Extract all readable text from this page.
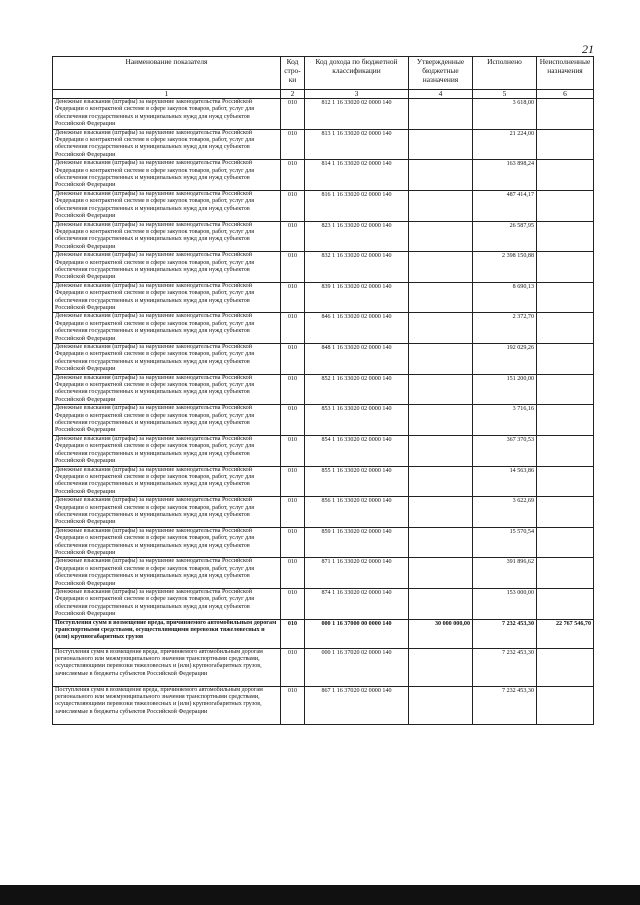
21
Наименование показателя	Код стро-ки	Код дохода по бюджетной классификации	Утвержденные бюджетные назначения	Исполнено	Неисполненные назначения
1	2	3	4	5	6
Денежные взыскания (штрафы) за нарушение законодательства Российской Федерации о контрактной системе в сфере закупок товаров, работ, услуг для обеспечения государственных и муниципальных нужд для нужд субъектов Российской Федерации	010	812 1 16 33020 02 0000 140		3 618,00	
Денежные взыскания (штрафы) за нарушение законодательства Российской Федерации о контрактной системе в сфере закупок товаров, работ, услуг для обеспечения государственных и муниципальных нужд для нужд субъектов Российской Федерации	010	813 1 16 33020 02 0000 140		21 224,00	
Денежные взыскания (штрафы) за нарушение законодательства Российской Федерации о контрактной системе в сфере закупок товаров, работ, услуг для обеспечения государственных и муниципальных нужд для нужд субъектов Российской Федерации	010	814 1 16 33020 02 0000 140		163 898,24	
Денежные взыскания (штрафы) за нарушение законодательства Российской Федерации о контрактной системе в сфере закупок товаров, работ, услуг для обеспечения государственных и муниципальных нужд для нужд субъектов Российской Федерации	010	816 1 16 33020 02 0000 140		487 414,17	
Денежные взыскания (штрафы) за нарушение законодательства Российской Федерации о контрактной системе в сфере закупок товаров, работ, услуг для обеспечения государственных и муниципальных нужд для нужд субъектов Российской Федерации	010	823 1 16 33020 02 0000 140		26 587,95	
Денежные взыскания (штрафы) за нарушение законодательства Российской Федерации о контрактной системе в сфере закупок товаров, работ, услуг для обеспечения государственных и муниципальных нужд для нужд субъектов Российской Федерации	010	832 1 16 33020 02 0000 140		2 398 150,88	
Денежные взыскания (штрафы) за нарушение законодательства Российской Федерации о контрактной системе в сфере закупок товаров, работ, услуг для обеспечения государственных и муниципальных нужд для нужд субъектов Российской Федерации	010	839 1 16 33020 02 0000 140		8 690,13	
Денежные взыскания (штрафы) за нарушение законодательства Российской Федерации о контрактной системе в сфере закупок товаров, работ, услуг для обеспечения государственных и муниципальных нужд для нужд субъектов Российской Федерации	010	846 1 16 33020 02 0000 140		2 372,70	
Денежные взыскания (штрафы) за нарушение законодательства Российской Федерации о контрактной системе в сфере закупок товаров, работ, услуг для обеспечения государственных и муниципальных нужд для нужд субъектов Российской Федерации	010	848 1 16 33020 02 0000 140		192 029,26	
Денежные взыскания (штрафы) за нарушение законодательства Российской Федерации о контрактной системе в сфере закупок товаров, работ, услуг для обеспечения государственных и муниципальных нужд для нужд субъектов Российской Федерации	010	852 1 16 33020 02 0000 140		151 200,00	
Денежные взыскания (штрафы) за нарушение законодательства Российской Федерации о контрактной системе в сфере закупок товаров, работ, услуг для обеспечения государственных и муниципальных нужд для нужд субъектов Российской Федерации	010	853 1 16 33020 02 0000 140		3 716,16	
Денежные взыскания (штрафы) за нарушение законодательства Российской Федерации о контрактной системе в сфере закупок товаров, работ, услуг для обеспечения государственных и муниципальных нужд для нужд субъектов Российской Федерации	010	854 1 16 33020 02 0000 140		367 370,53	
Денежные взыскания (штрафы) за нарушение законодательства Российской Федерации о контрактной системе в сфере закупок товаров, работ, услуг для обеспечения государственных и муниципальных нужд для нужд субъектов Российской Федерации	010	855 1 16 33020 02 0000 140		14 563,86	
Денежные взыскания (штрафы) за нарушение законодательства Российской Федерации о контрактной системе в сфере закупок товаров, работ, услуг для обеспечения государственных и муниципальных нужд для нужд субъектов Российской Федерации	010	856 1 16 33020 02 0000 140		3 622,69	
Денежные взыскания (штрафы) за нарушение законодательства Российской Федерации о контрактной системе в сфере закупок товаров, работ, услуг для обеспечения государственных и муниципальных нужд для нужд субъектов Российской Федерации	010	859 1 16 33020 02 0000 140		15 570,54	
Денежные взыскания (штрафы) за нарушение законодательства Российской Федерации о контрактной системе в сфере закупок товаров, работ, услуг для обеспечения государственных и муниципальных нужд для нужд субъектов Российской Федерации	010	871 1 16 33020 02 0000 140		391 896,62	
Денежные взыскания (штрафы) за нарушение законодательства Российской Федерации о контрактной системе в сфере закупок товаров, работ, услуг для обеспечения государственных и муниципальных нужд для нужд субъектов Российской Федерации	010	874 1 16 33020 02 0000 140		153 000,00	
Поступления сумм в возмещение вреда, причиняемого автомобильным дорогам транспортными средствами, осуществляющими перевозки тяжеловесных и (или) крупногабаритных грузов	010	000 1 16 37000 00 0000 140	30 000 000,00	7 232 453,30	22 767 546,70
Поступления сумм в возмещение вреда, причиняемого автомобильным дорогам регионального или межмуниципального значения транспортными средствами, осуществляющими перевозки тяжеловесных и (или) крупногабаритных грузов, зачисляемые в бюджеты субъектов Российской Федерации	010	000 1 16 37020 02 0000 140		7 232 453,30	
Поступления сумм в возмещение вреда, причиняемого автомобильным дорогам регионального или межмуниципального значения транспортными средствами, осуществляющими перевозки тяжеловесных и (или) крупногабаритных грузов, зачисляемые в бюджеты субъектов Российской Федерации	010	867 1 16 37020 02 0000 140		7 232 453,30	
